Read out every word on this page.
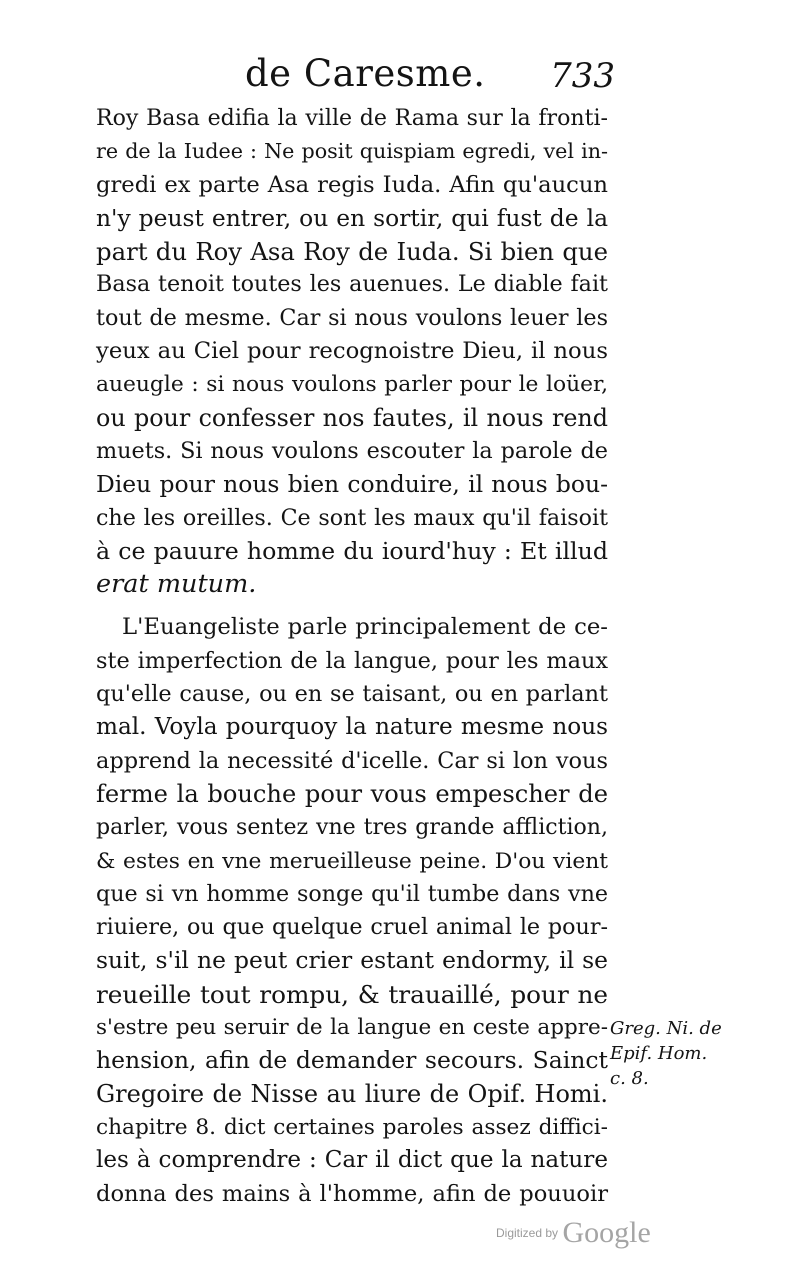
de Caresme. 733
Roy Basa edifia la ville de Rama sur la fronti-
re de la Iudee : Ne posit quispiam egredi, vel in-
gredi ex parte Asa regis Iuda. Afin qu'aucun
n'y peust entrer, ou en sortir, qui fust de la
part du Roy Asa Roy de Iuda. Si bien que
Basa tenoit toutes les auenues. Le diable fait
tout de mesme. Car si nous voulons leuer les
yeux au Ciel pour recognoistre Dieu, il nous
aueugle : si nous voulons parler pour le loüer,
ou pour confesser nos fautes, il nous rend
muets. Si nous voulons escouter la parole de
Dieu pour nous bien conduire, il nous bou-
che les oreilles. Ce sont les maux qu'il faisoit
à ce pauure homme du iourd'huy : Et illud
erat mutum.
L'Euangeliste parle principalement de ce-
ste imperfection de la langue, pour les maux
qu'elle cause, ou en se taisant, ou en parlant
mal. Voyla pourquoy la nature mesme nous
apprend la necessité d'icelle. Car si lon vous
ferme la bouche pour vous empescher de
parler, vous sentez vne tres grande affliction,
& estes en vne merueilleuse peine. D'ou vient
que si vn homme songe qu'il tumbe dans vne
riuiere, ou que quelque cruel animal le pour-
suit, s'il ne peut crier estant endormy, il se
reueille tout rompu, & trauaillé, pour ne
s'estre peu seruir de la langue en ceste appre-
hension, afin de demander secours. Sainct
Gregoire de Nisse au liure de Opif. Homi.
chapitre 8. dict certaines paroles assez diffici-
les à comprendre : Car il dict que la nature
donna des mains à l'homme, afin de pouuoir
Greg. Ni. de
Epif. Hom.
c. 8.
Digitized by Google
